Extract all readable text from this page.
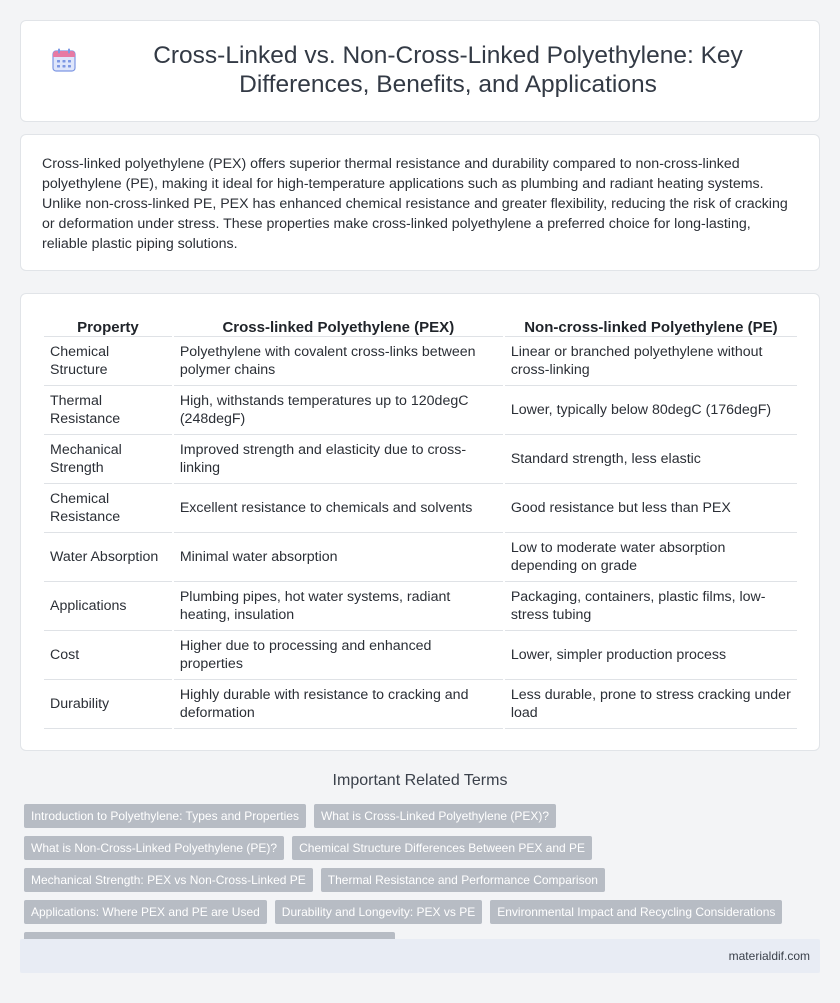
Cross-Linked vs. Non-Cross-Linked Polyethylene: Key Differences, Benefits, and Applications

Cross-linked polyethylene (PEX) offers superior thermal resistance and durability compared to non-cross-linked polyethylene (PE), making it ideal for high-temperature applications such as plumbing and radiant heating systems. Unlike non-cross-linked PE, PEX has enhanced chemical resistance and greater flexibility, reducing the risk of cracking or deformation under stress. These properties make cross-linked polyethylene a preferred choice for long-lasting, reliable plastic piping solutions.

Property	Cross-linked Polyethylene (PEX)	Non-cross-linked Polyethylene (PE)
Chemical Structure	Polyethylene with covalent cross-links between polymer chains	Linear or branched polyethylene without cross-linking
Thermal Resistance	High, withstands temperatures up to 120degC (248degF)	Lower, typically below 80degC (176degF)
Mechanical Strength	Improved strength and elasticity due to cross-linking	Standard strength, less elastic
Chemical Resistance	Excellent resistance to chemicals and solvents	Good resistance but less than PEX
Water Absorption	Minimal water absorption	Low to moderate water absorption depending on grade
Applications	Plumbing pipes, hot water systems, radiant heating, insulation	Packaging, containers, plastic films, low-stress tubing
Cost	Higher due to processing and enhanced properties	Lower, simpler production process
Durability	Highly durable with resistance to cracking and deformation	Less durable, prone to stress cracking under load
Important Related Terms
Introduction to Polyethylene: Types and Properties	What is Cross-Linked Polyethylene (PEX)?
What is Non-Cross-Linked Polyethylene (PE)?	Chemical Structure Differences Between PEX and PE
Mechanical Strength: PEX vs Non-Cross-Linked PE	Thermal Resistance and Performance Comparison
Applications: Where PEX and PE are Used	Durability and Longevity: PEX vs PE	Environmental Impact and Recycling Considerations
materialdif.com
